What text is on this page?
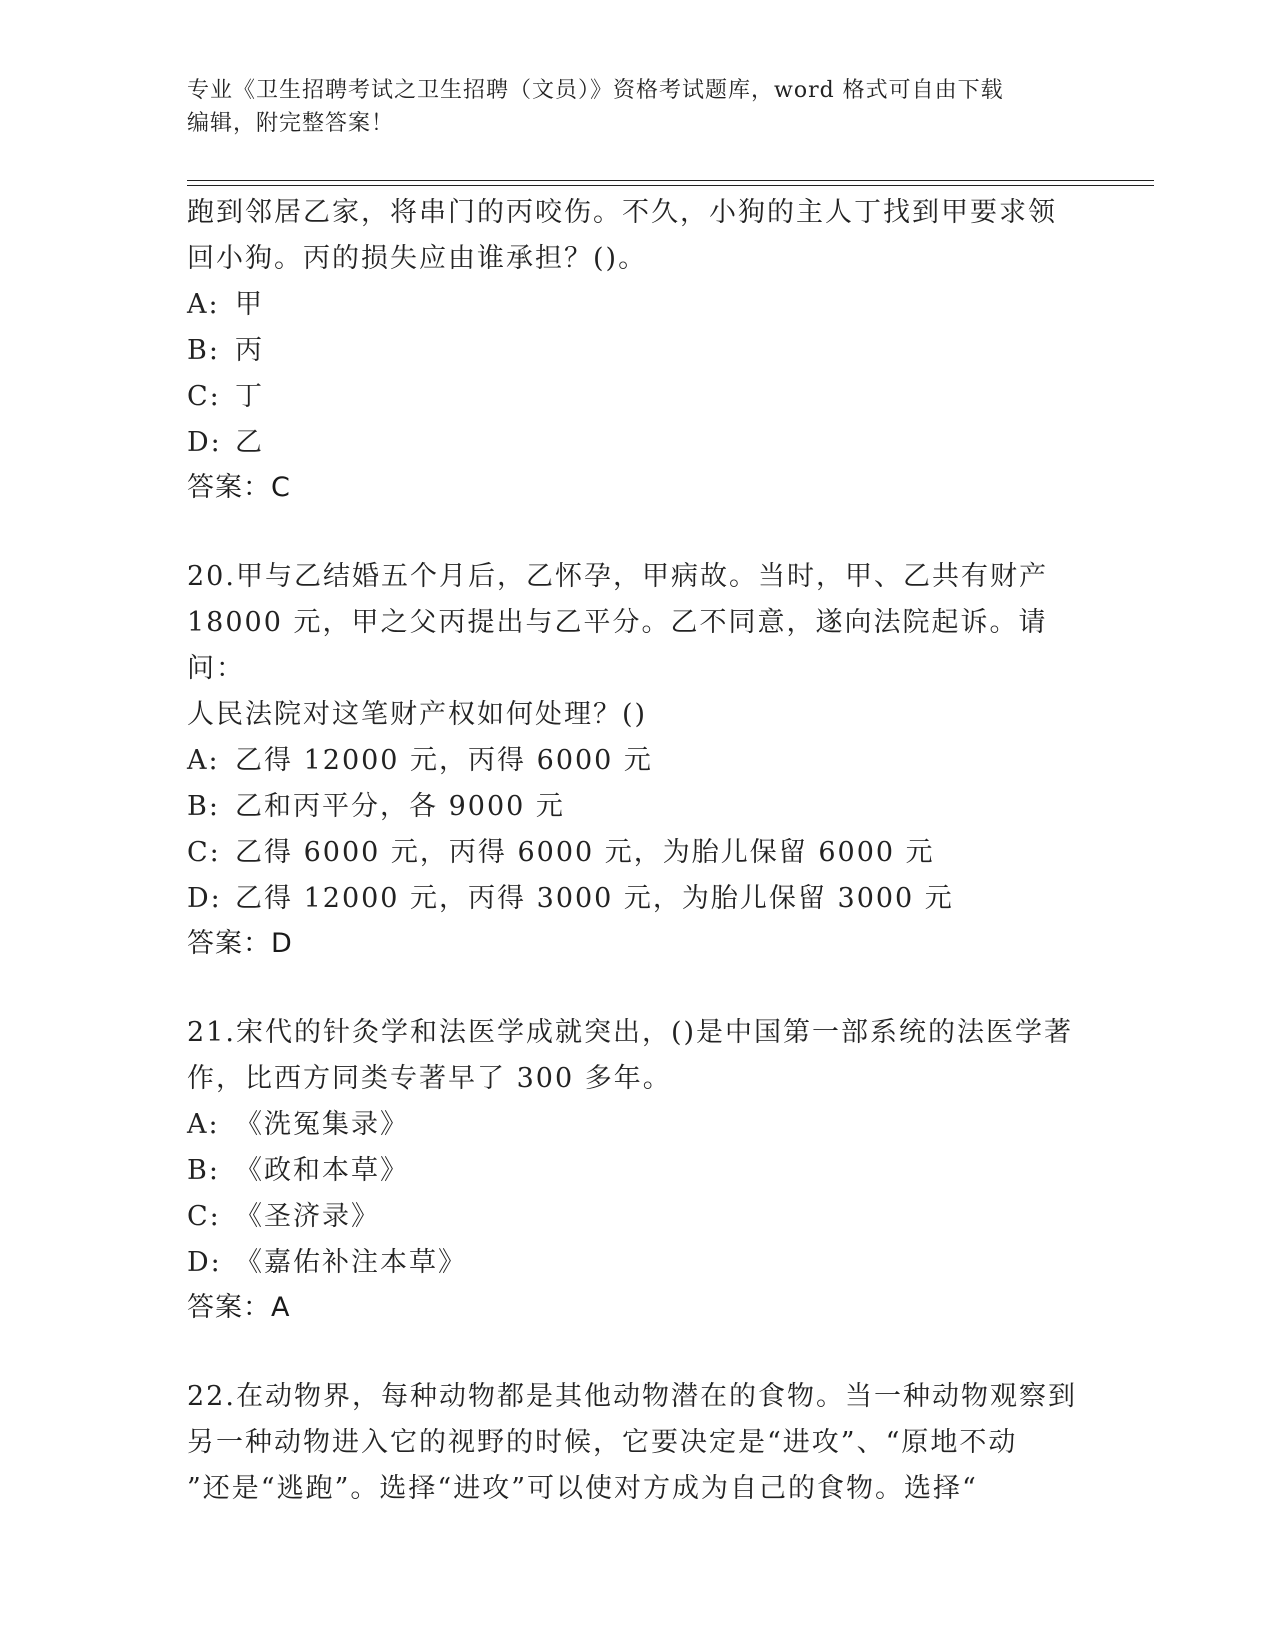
专业《卫生招聘考试之卫生招聘（文员）》资格考试题库，word 格式可自由下载
编辑，附完整答案！

跑到邻居乙家，将串门的丙咬伤。不久，小狗的主人丁找到甲要求领

回小狗。丙的损失应由谁承担？()。

A: 甲

B: 丙

C: 丁

D: 乙

答案：C

20.甲与乙结婚五个月后，乙怀孕，甲病故。当时，甲、乙共有财产

18000 元，甲之父丙提出与乙平分。乙不同意，遂向法院起诉。请问：

人民法院对这笔财产权如何处理？()

A: 乙得 12000 元，丙得 6000 元

B: 乙和丙平分，各 9000 元

C: 乙得 6000 元，丙得 6000 元，为胎儿保留 6000 元

D: 乙得 12000 元，丙得 3000 元，为胎儿保留 3000 元

答案：D

21.宋代的针灸学和法医学成就突出，()是中国第一部系统的法医学著

作，比西方同类专著早了 300 多年。

A: 《洗冤集录》

B: 《政和本草》

C: 《圣济录》

D: 《嘉佑补注本草》

答案：A

22.在动物界，每种动物都是其他动物潜在的食物。当一种动物观察到

另一种动物进入它的视野的时候，它要决定是“进攻”、“原地不动

”还是“逃跑”。选择“进攻”可以使对方成为自己的食物。选择“
